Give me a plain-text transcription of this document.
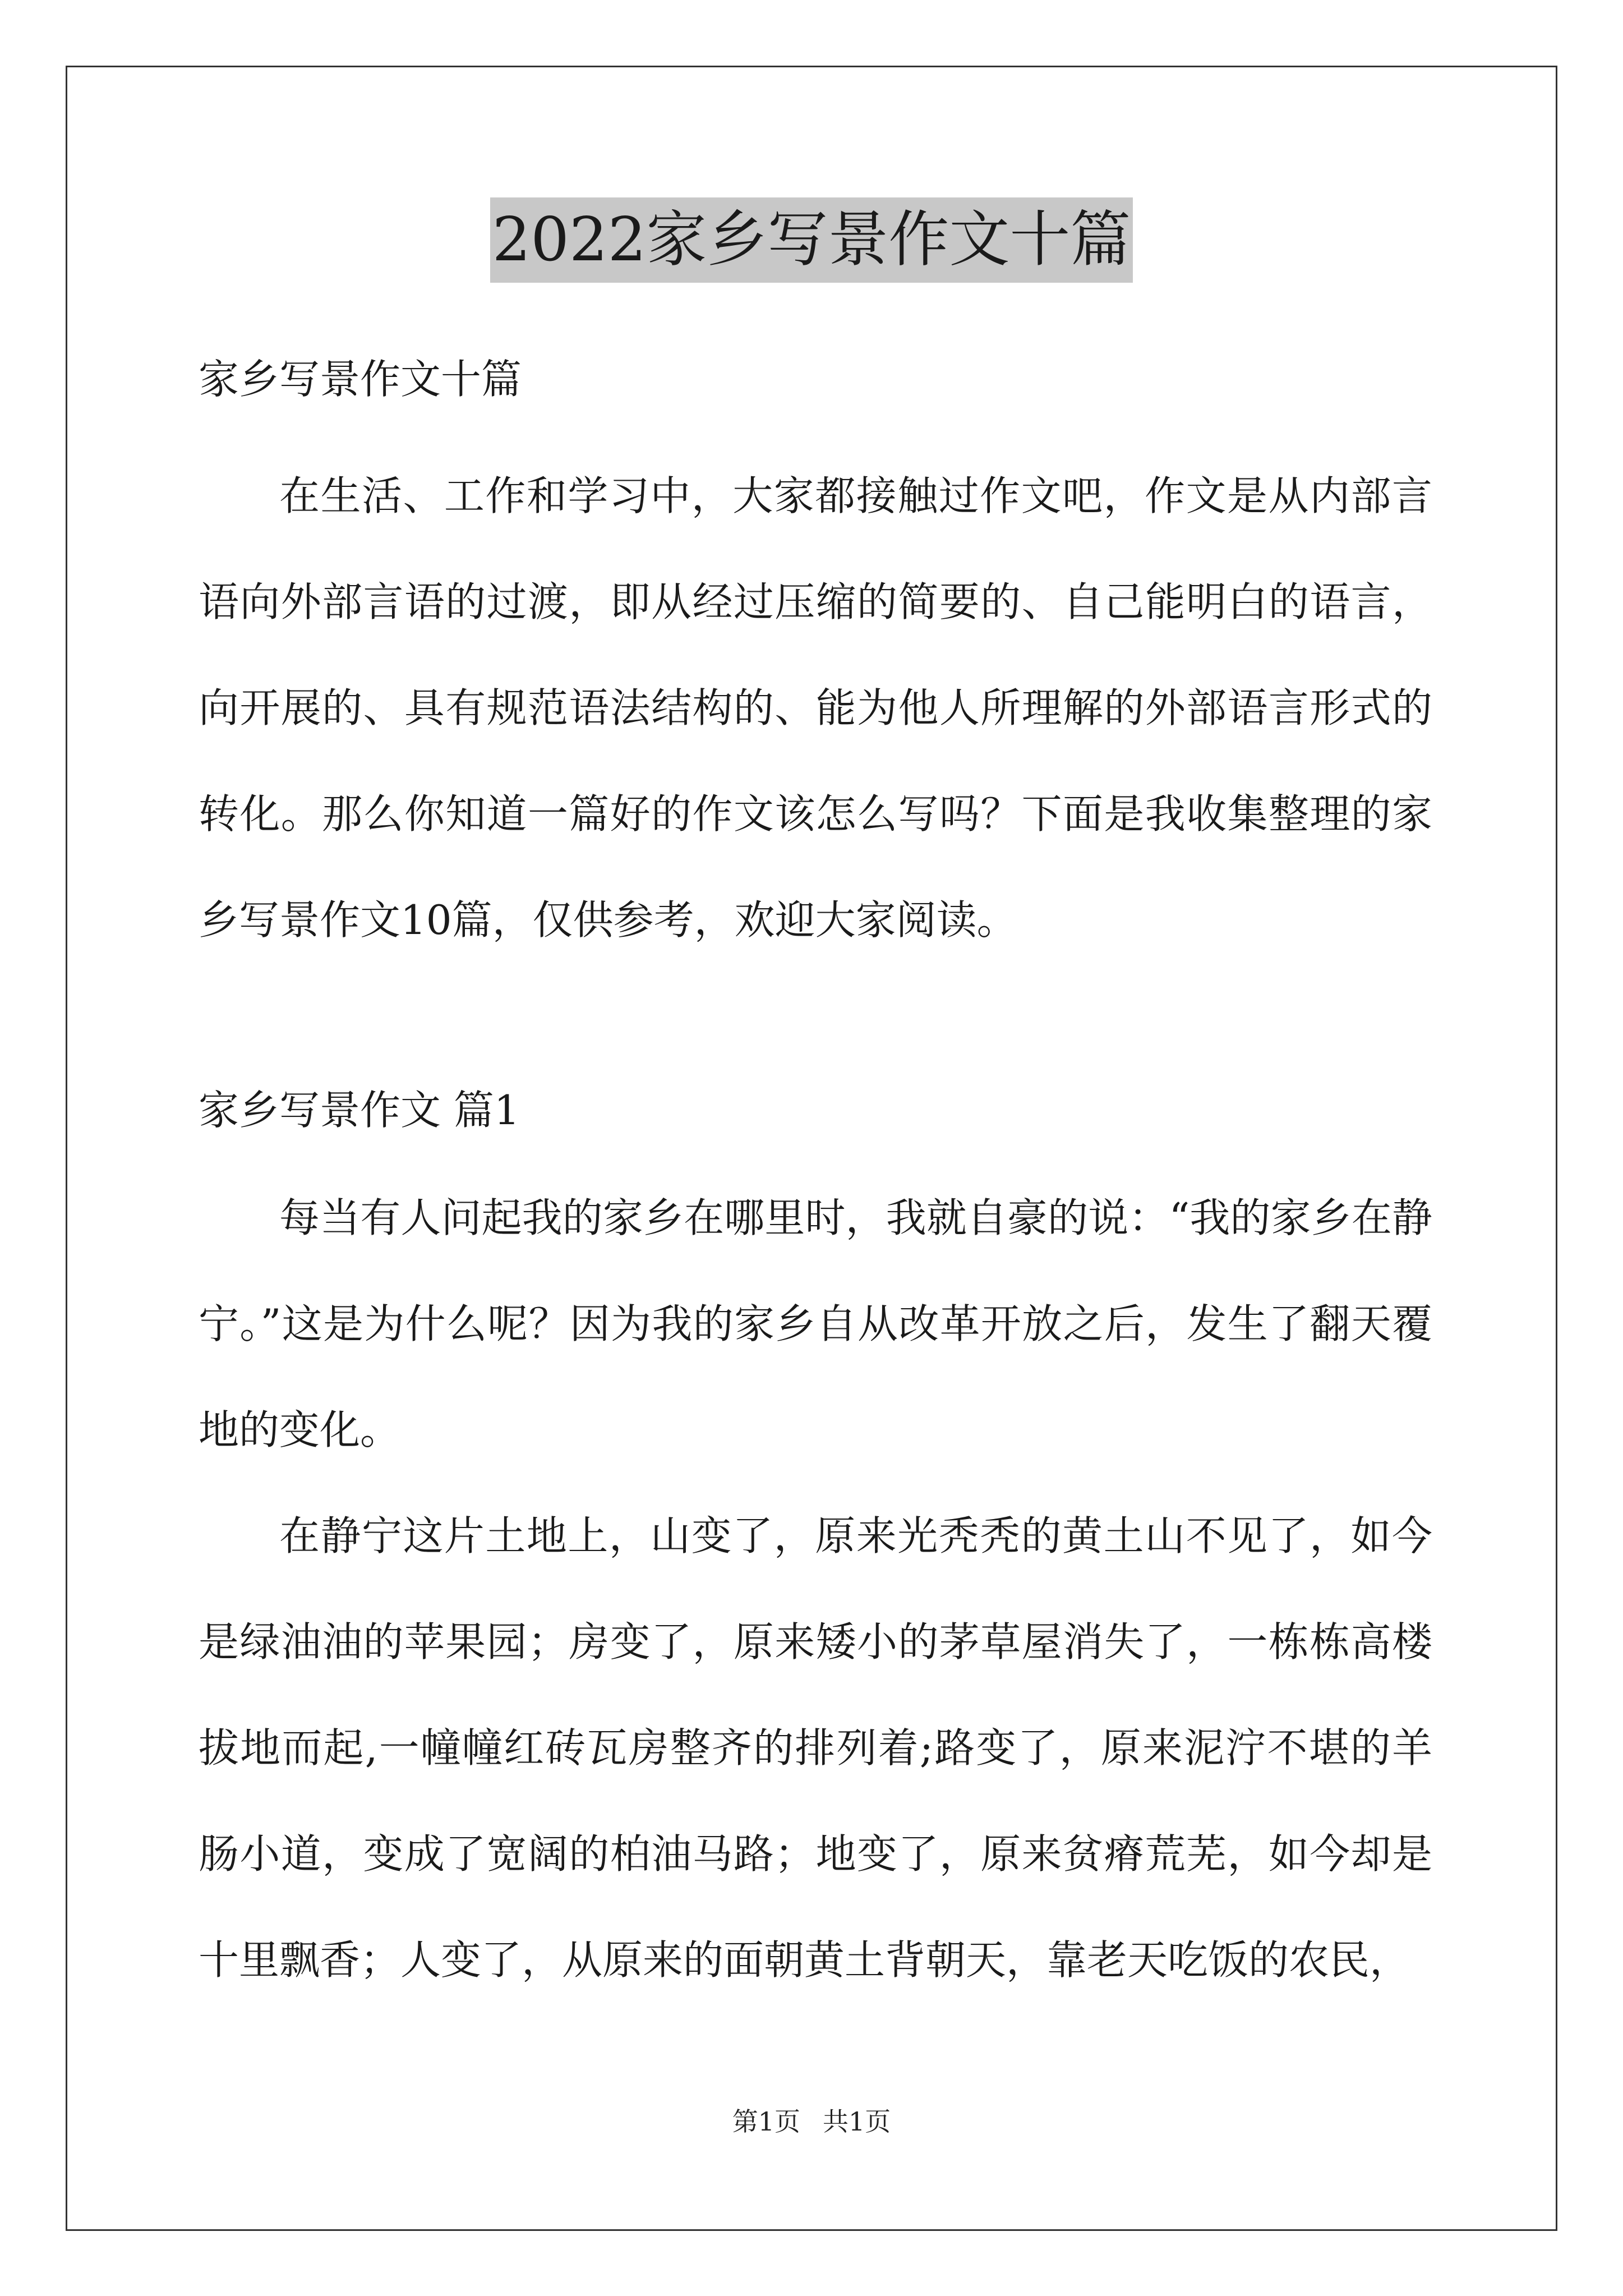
2022家乡写景作文十篇

家乡写景作文十篇

在生活、工作和学习中，大家都接触过作文吧，作文是从内部言语向外部言语的过渡，即从经过压缩的简要的、自己能明白的语言，向开展的、具有规范语法结构的、能为他人所理解的外部语言形式的转化。那么你知道一篇好的作文该怎么写吗？下面是我收集整理的家乡写景作文10篇，仅供参考，欢迎大家阅读。

家乡写景作文 篇1

每当有人问起我的家乡在哪里时，我就自豪的说：“我的家乡在静宁。”这是为什么呢？因为我的家乡自从改革开放之后，发生了翻天覆地的变化。

在静宁这片土地上，山变了，原来光秃秃的黄土山不见了，如今是绿油油的苹果园；房变了，原来矮小的茅草屋消失了，一栋栋高楼拔地而起,一幢幢红砖瓦房整齐的排列着;路变了，原来泥泞不堪的羊肠小道，变成了宽阔的柏油马路；地变了，原来贫瘠荒芜，如今却是十里飘香；人变了，从原来的面朝黄土背朝天，靠老天吃饭的农民，

第1页 共1页
